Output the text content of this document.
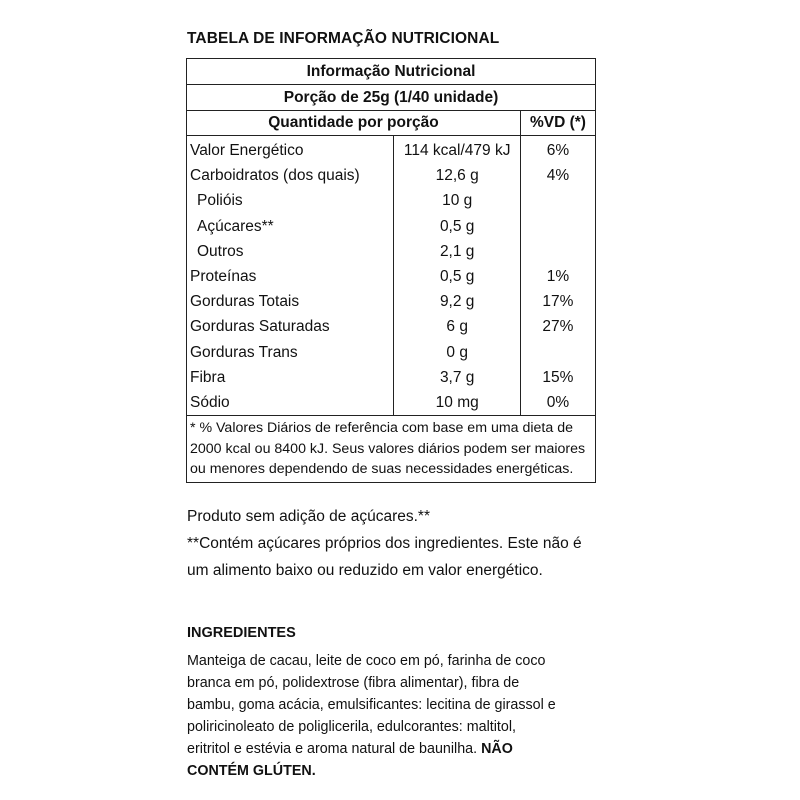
TABELA DE INFORMAÇÃO NUTRICIONAL
Informação Nutricional		
Porção de 25g (1/40 unidade)		
Quantidade por porção		%VD (*)
Valor Energético	114 kcal/479 kJ	6%
Carboidratos (dos quais)	12,6 g	4%
Polióis	10 g	
Açúcares**	0,5 g	
Outros	2,1 g	
Proteínas	0,5 g	1%
Gorduras Totais	9,2 g	17%
Gorduras Saturadas	6 g	27%
Gorduras Trans	0 g	
Fibra	3,7 g	15%
Sódio	10 mg	0%
* % Valores Diários de referência com base em uma dieta de 2000 kcal ou 8400 kJ. Seus valores diários podem ser maiores ou menores dependendo de suas necessidades energéticas.		

Produto sem adição de açúcares.**

**Contém açúcares próprios dos ingredientes. Este não é um alimento baixo ou reduzido em valor energético.

INGREDIENTES
Manteiga de cacau, leite de coco em pó, farinha de coco branca em pó, polidextrose (fibra alimentar), fibra de bambu, goma acácia, emulsificantes: lecitina de girassol e poliricinoleato de poliglicerila, edulcorantes: maltitol, eritritol e estévia e aroma natural de baunilha. NÃO CONTÉM GLÚTEN.
